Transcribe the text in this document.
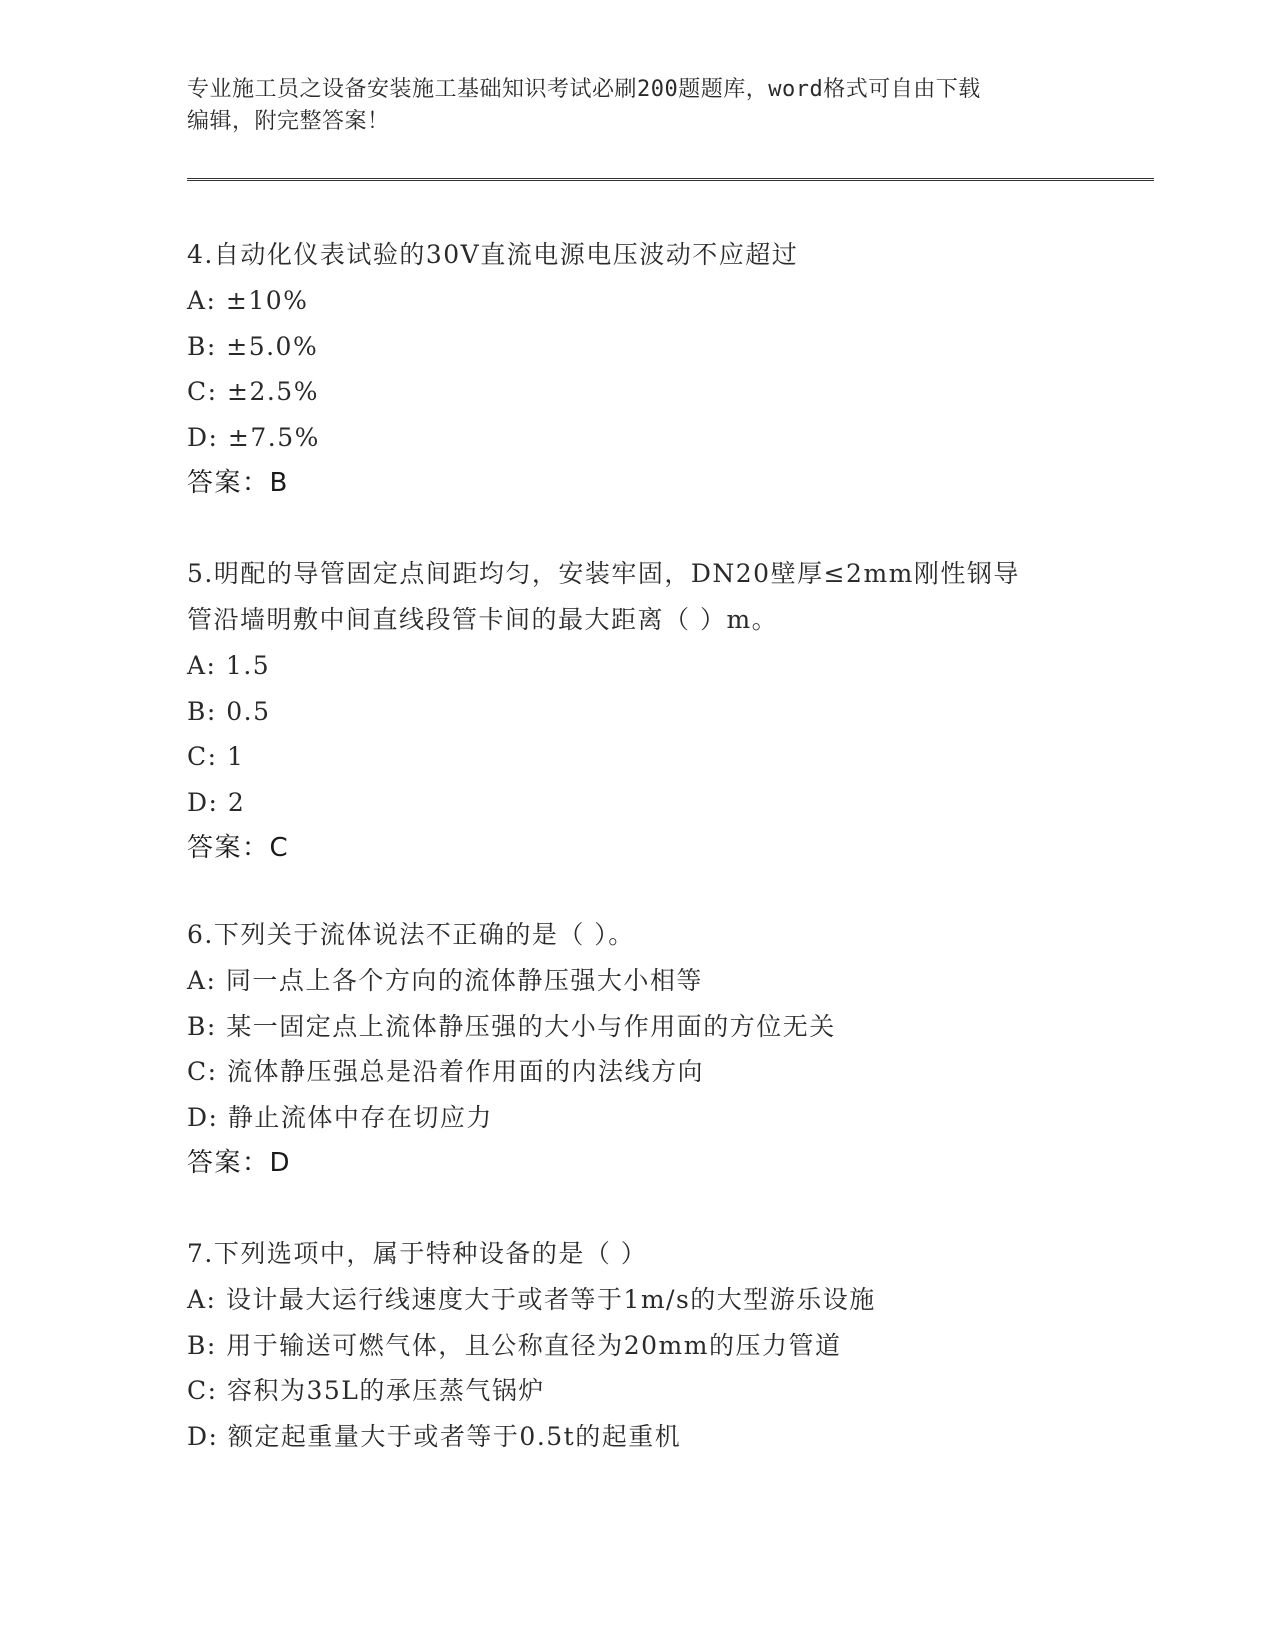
专业施工员之设备安装施工基础知识考试必刷200题题库，word格式可自由下载
编辑，附完整答案！

4.自动化仪表试验的30V直流电源电压波动不应超过

A: ±10%

B: ±5.0%

C: ±2.5%

D: ±7.5%

答案：B

5.明配的导管固定点间距均匀，安装牢固，DN20壁厚≤2mm刚性钢导

管沿墙明敷中间直线段管卡间的最大距离（ ）m。

A: 1.5

B: 0.5

C: 1

D: 2

答案：C

6.下列关于流体说法不正确的是（ ）。

A: 同一点上各个方向的流体静压强大小相等

B: 某一固定点上流体静压强的大小与作用面的方位无关

C: 流体静压强总是沿着作用面的内法线方向

D: 静止流体中存在切应力

答案：D

7.下列选项中，属于特种设备的是（ ）

A: 设计最大运行线速度大于或者等于1m/s的大型游乐设施

B: 用于输送可燃气体，且公称直径为20mm的压力管道

C: 容积为35L的承压蒸气锅炉

D: 额定起重量大于或者等于0.5t的起重机
